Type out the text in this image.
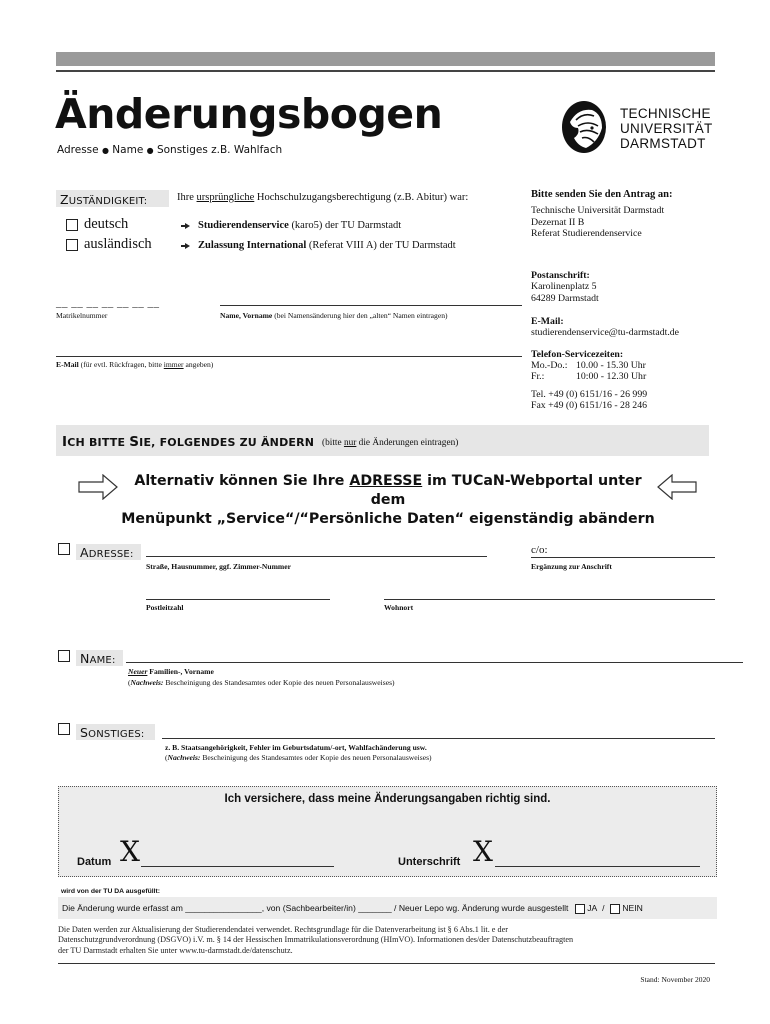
Änderungsbogen
Adresse ● Name ● Sonstiges z.B. Wahlfach
TECHNISCHE
UNIVERSITÄT
DARMSTADT
ZUSTÄNDIGKEIT:	Ihre ursprüngliche Hochschulzugangsberechtigung (z.B. Abitur) war:
deutsch	Studierendenservice (karo5) der TU Darmstadt
ausländisch	Zulassung International (Referat VIII A) der TU Darmstadt
Bitte senden Sie den Antrag an:
Technische Universität Darmstadt
Dezernat II B
Referat Studierendenservice
Postanschrift:
Karolinenplatz 5
64289 Darmstadt
E-Mail:
studierendenservice@tu-darmstadt.de
Telefon-Servicezeiten:
Mo.-Do.: 10.00 - 15.30 Uhr
Fr.:	10:00 - 12.30 Uhr
Tel. +49 (0) 6151/16 - 26 999
Fax +49 (0) 6151/16 - 28 246
__ __ __ __ __ __ __
Matrikelnummer	Name, Vorname (bei Namensänderung hier den „alten“ Namen eintragen)
E-Mail (für evtl. Rückfragen, bitte immer angeben)
ICH BITTE SIE, FOLGENDES ZU ÄNDERN (bitte nur die Änderungen eintragen)
Alternativ können Sie Ihre ADRESSE im TUCaN-Webportal unter dem
Menüpunkt „Service“/“Persönliche Daten“ eigenständig abändern
ADRESSE:
Straße, Hausnummer, ggf. Zimmer-Nummer
c/o:
Ergänzung zur Anschrift
Postleitzahl	Wohnort
NAME:
Neuer Familien-, Vorname
(Nachweis: Bescheinigung des Standesamtes oder Kopie des neuen Personalausweises)
SONSTIGES:
z. B. Staatsangehörigkeit, Fehler im Geburtsdatum/-ort, Wahlfachänderung usw.
(Nachweis: Bescheinigung des Standesamtes oder Kopie des neuen Personalausweises)
Ich versichere, dass meine Änderungsangaben richtig sind.
Datum X	Unterschrift X
wird von der TU DA ausgefüllt:
Die Änderung wurde erfasst am ________________, von (Sachbearbeiter/in) _______ / Neuer Lepo wg. Änderung wurde ausgestellt JA / NEIN
Die Daten werden zur Aktualisierung der Studierendendatei verwendet. Rechtsgrundlage für die Datenverarbeitung ist § 6 Abs.1 lit. e der
Datenschutzgrundverordnung (DSGVO) i.V. m. § 14 der Hessischen Immatrikulationsverordnung (HImVO). Informationen des/der Datenschutzbeauftragten
der TU Darmstadt erhalten Sie unter www.tu-darmstadt.de/datenschutz.
Stand: November 2020
